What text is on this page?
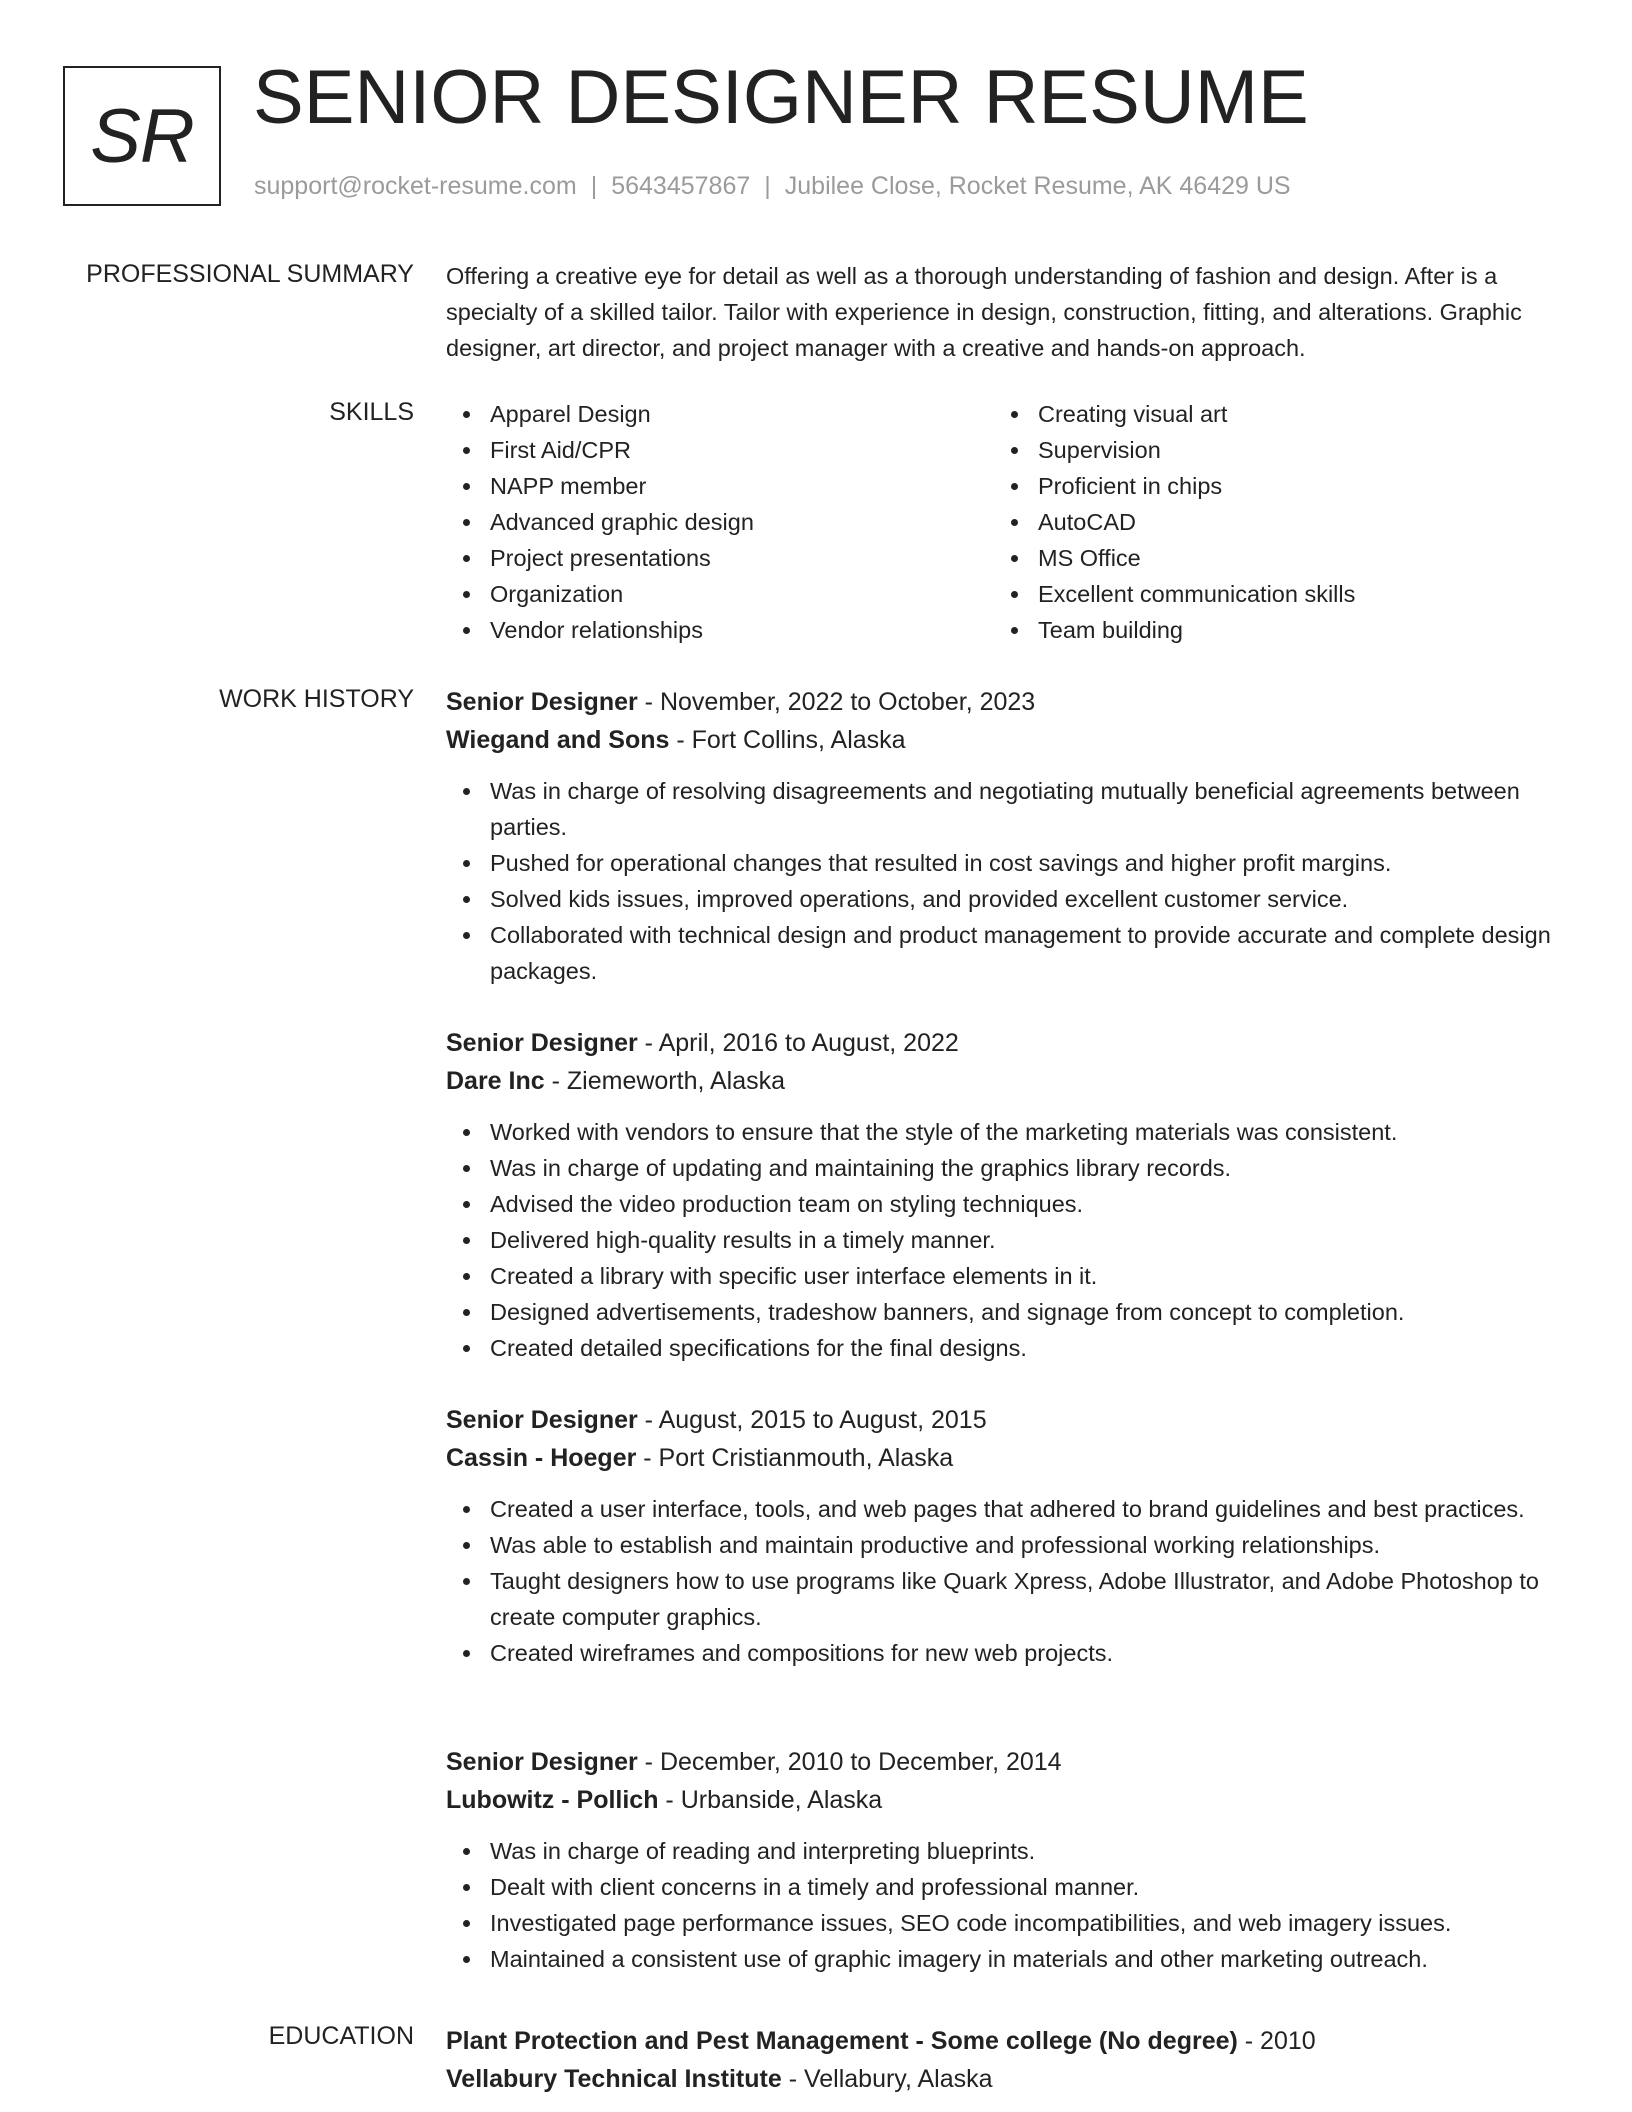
SR SENIOR DESIGNER RESUME
support@rocket-resume.com | 5643457867 | Jubilee Close, Rocket Resume, AK 46429 US
PROFESSIONAL SUMMARY Offering a creative eye for detail as well as a thorough understanding of fashion and design. After is a specialty of a skilled tailor. Tailor with experience in design, construction, fitting, and alterations. Graphic designer, art director, and project manager with a creative and hands-on approach.

SKILLS	Apparel Design
First Aid/CPR
NAPP member
Advanced graphic design
Project presentations
Organization
Vendor relationships
Creating visual art
Supervision
Proficient in chips
AutoCAD
MS Office
Excellent communication skills
Team building
WORK HISTORY Senior Designer - November, 2022 to October, 2023
Wiegand and Sons - Fort Collins, Alaska
Was in charge of resolving disagreements and negotiating mutually beneficial agreements between parties.
Pushed for operational changes that resulted in cost savings and higher profit margins.
Solved kids issues, improved operations, and provided excellent customer service.
Collaborated with technical design and product management to provide accurate and complete design packages.
Senior Designer - April, 2016 to August, 2022
Dare Inc - Ziemeworth, Alaska
Worked with vendors to ensure that the style of the marketing materials was consistent.
Was in charge of updating and maintaining the graphics library records.
Advised the video production team on styling techniques.
Delivered high-quality results in a timely manner.
Created a library with specific user interface elements in it.
Designed advertisements, tradeshow banners, and signage from concept to completion.
Created detailed specifications for the final designs.
Senior Designer - August, 2015 to August, 2015
Cassin - Hoeger - Port Cristianmouth, Alaska
Created a user interface, tools, and web pages that adhered to brand guidelines and best practices.
Was able to establish and maintain productive and professional working relationships.
Taught designers how to use programs like Quark Xpress, Adobe Illustrator, and Adobe Photoshop to create computer graphics.
Created wireframes and compositions for new web projects.
Senior Designer - December, 2010 to December, 2014
Lubowitz - Pollich - Urbanside, Alaska
Was in charge of reading and interpreting blueprints.
Dealt with client concerns in a timely and professional manner.
Investigated page performance issues, SEO code incompatibilities, and web imagery issues.
Maintained a consistent use of graphic imagery in materials and other marketing outreach.
EDUCATION Plant Protection and Pest Management - Some college (No degree) - 2010
Vellabury Technical Institute - Vellabury, Alaska
